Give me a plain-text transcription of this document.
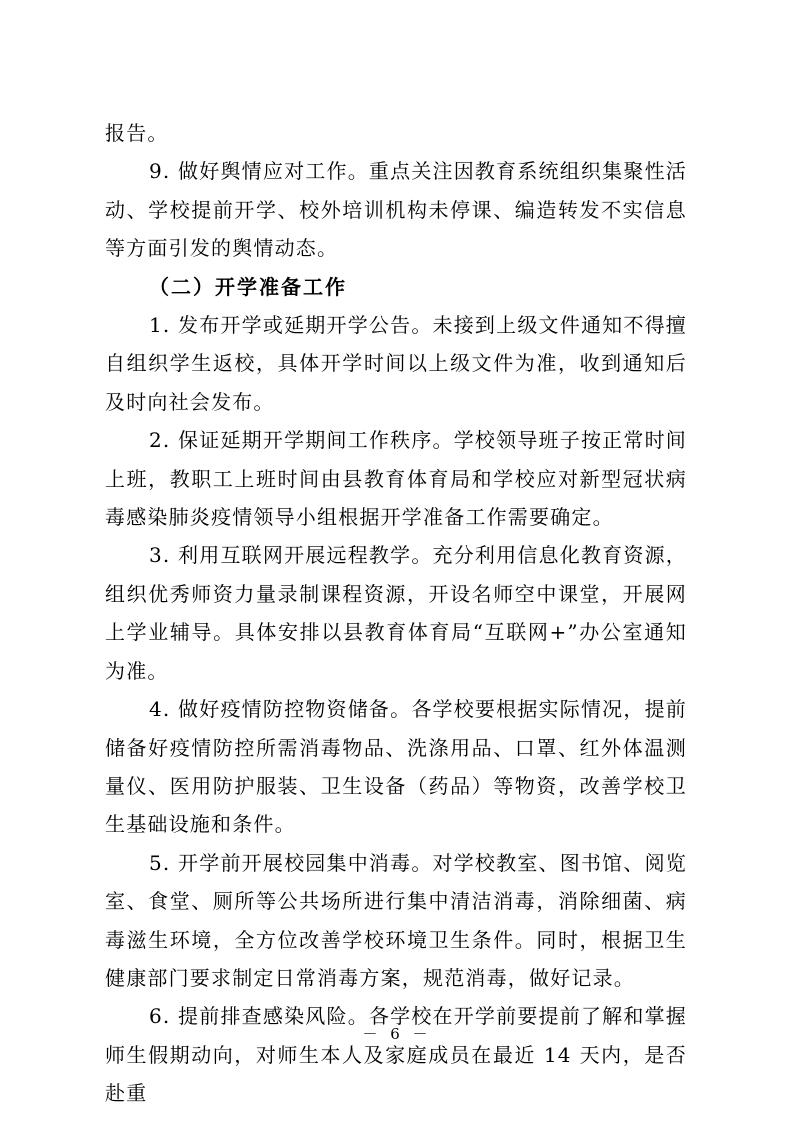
报告。

9. 做好舆情应对工作。重点关注因教育系统组织集聚性活动、学校提前开学、校外培训机构未停课、编造转发不实信息等方面引发的舆情动态。

（二）开学准备工作

1. 发布开学或延期开学公告。未接到上级文件通知不得擅自组织学生返校，具体开学时间以上级文件为准，收到通知后及时向社会发布。

2. 保证延期开学期间工作秩序。学校领导班子按正常时间上班，教职工上班时间由县教育体育局和学校应对新型冠状病毒感染肺炎疫情领导小组根据开学准备工作需要确定。

3. 利用互联网开展远程教学。充分利用信息化教育资源，组织优秀师资力量录制课程资源，开设名师空中课堂，开展网上学业辅导。具体安排以县教育体育局“互联网+”办公室通知为准。

4. 做好疫情防控物资储备。各学校要根据实际情况，提前储备好疫情防控所需消毒物品、洗涤用品、口罩、红外体温测量仪、医用防护服装、卫生设备（药品）等物资，改善学校卫生基础设施和条件。

5. 开学前开展校园集中消毒。对学校教室、图书馆、阅览室、食堂、厕所等公共场所进行集中清洁消毒，消除细菌、病毒滋生环境，全方位改善学校环境卫生条件。同时，根据卫生健康部门要求制定日常消毒方案，规范消毒，做好记录。

6. 提前排查感染风险。各学校在开学前要提前了解和掌握师生假期动向，对师生本人及家庭成员在最近 14 天内，是否赴重

－ 6 －
